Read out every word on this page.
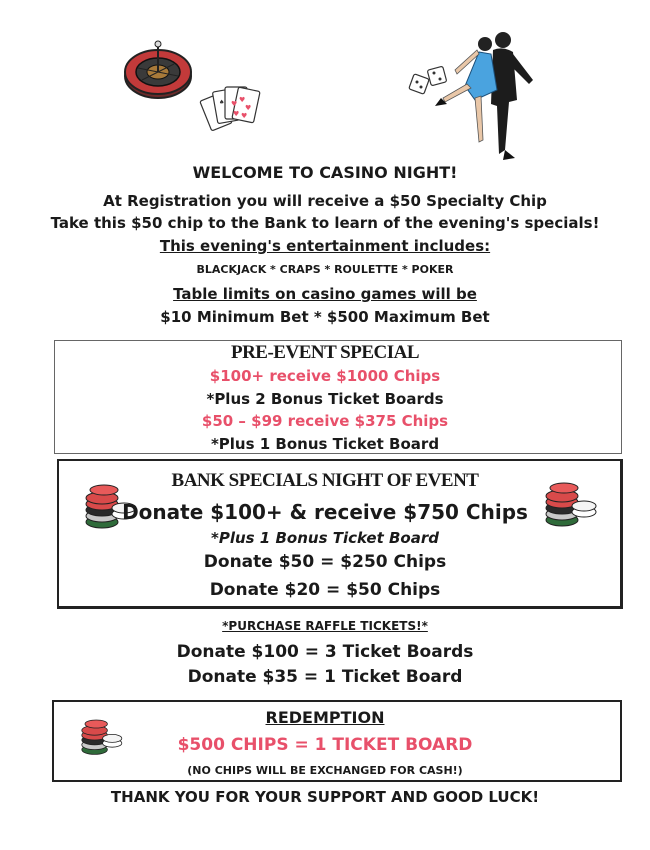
♥
♥
♥
♥
♥
♠
WELCOME TO CASINO NIGHT!
At Registration you will receive a $50 Specialty Chip
Take this $50 chip to the Bank to learn of the evening's specials!
This evening's entertainment includes:
BLACKJACK * CRAPS * ROULETTE * POKER
Table limits on casino games will be
$10 Minimum Bet * $500 Maximum Bet
PRE-EVENT SPECIAL
$100+ receive $1000 Chips
*Plus 2 Bonus Ticket Boards
$50 – $99 receive $375 Chips
*Plus 1 Bonus Ticket Board
BANK SPECIALS NIGHT OF EVENT
Donate $100+ & receive $750 Chips
*Plus 1 Bonus Ticket Board
Donate $50 = $250 Chips
Donate $20 = $50 Chips
*PURCHASE RAFFLE TICKETS!*
Donate $100 = 3 Ticket Boards
Donate $35 = 1 Ticket Board
REDEMPTION
$500 CHIPS = 1 TICKET BOARD
(NO CHIPS WILL BE EXCHANGED FOR CASH!)
THANK YOU FOR YOUR SUPPORT AND GOOD LUCK!
